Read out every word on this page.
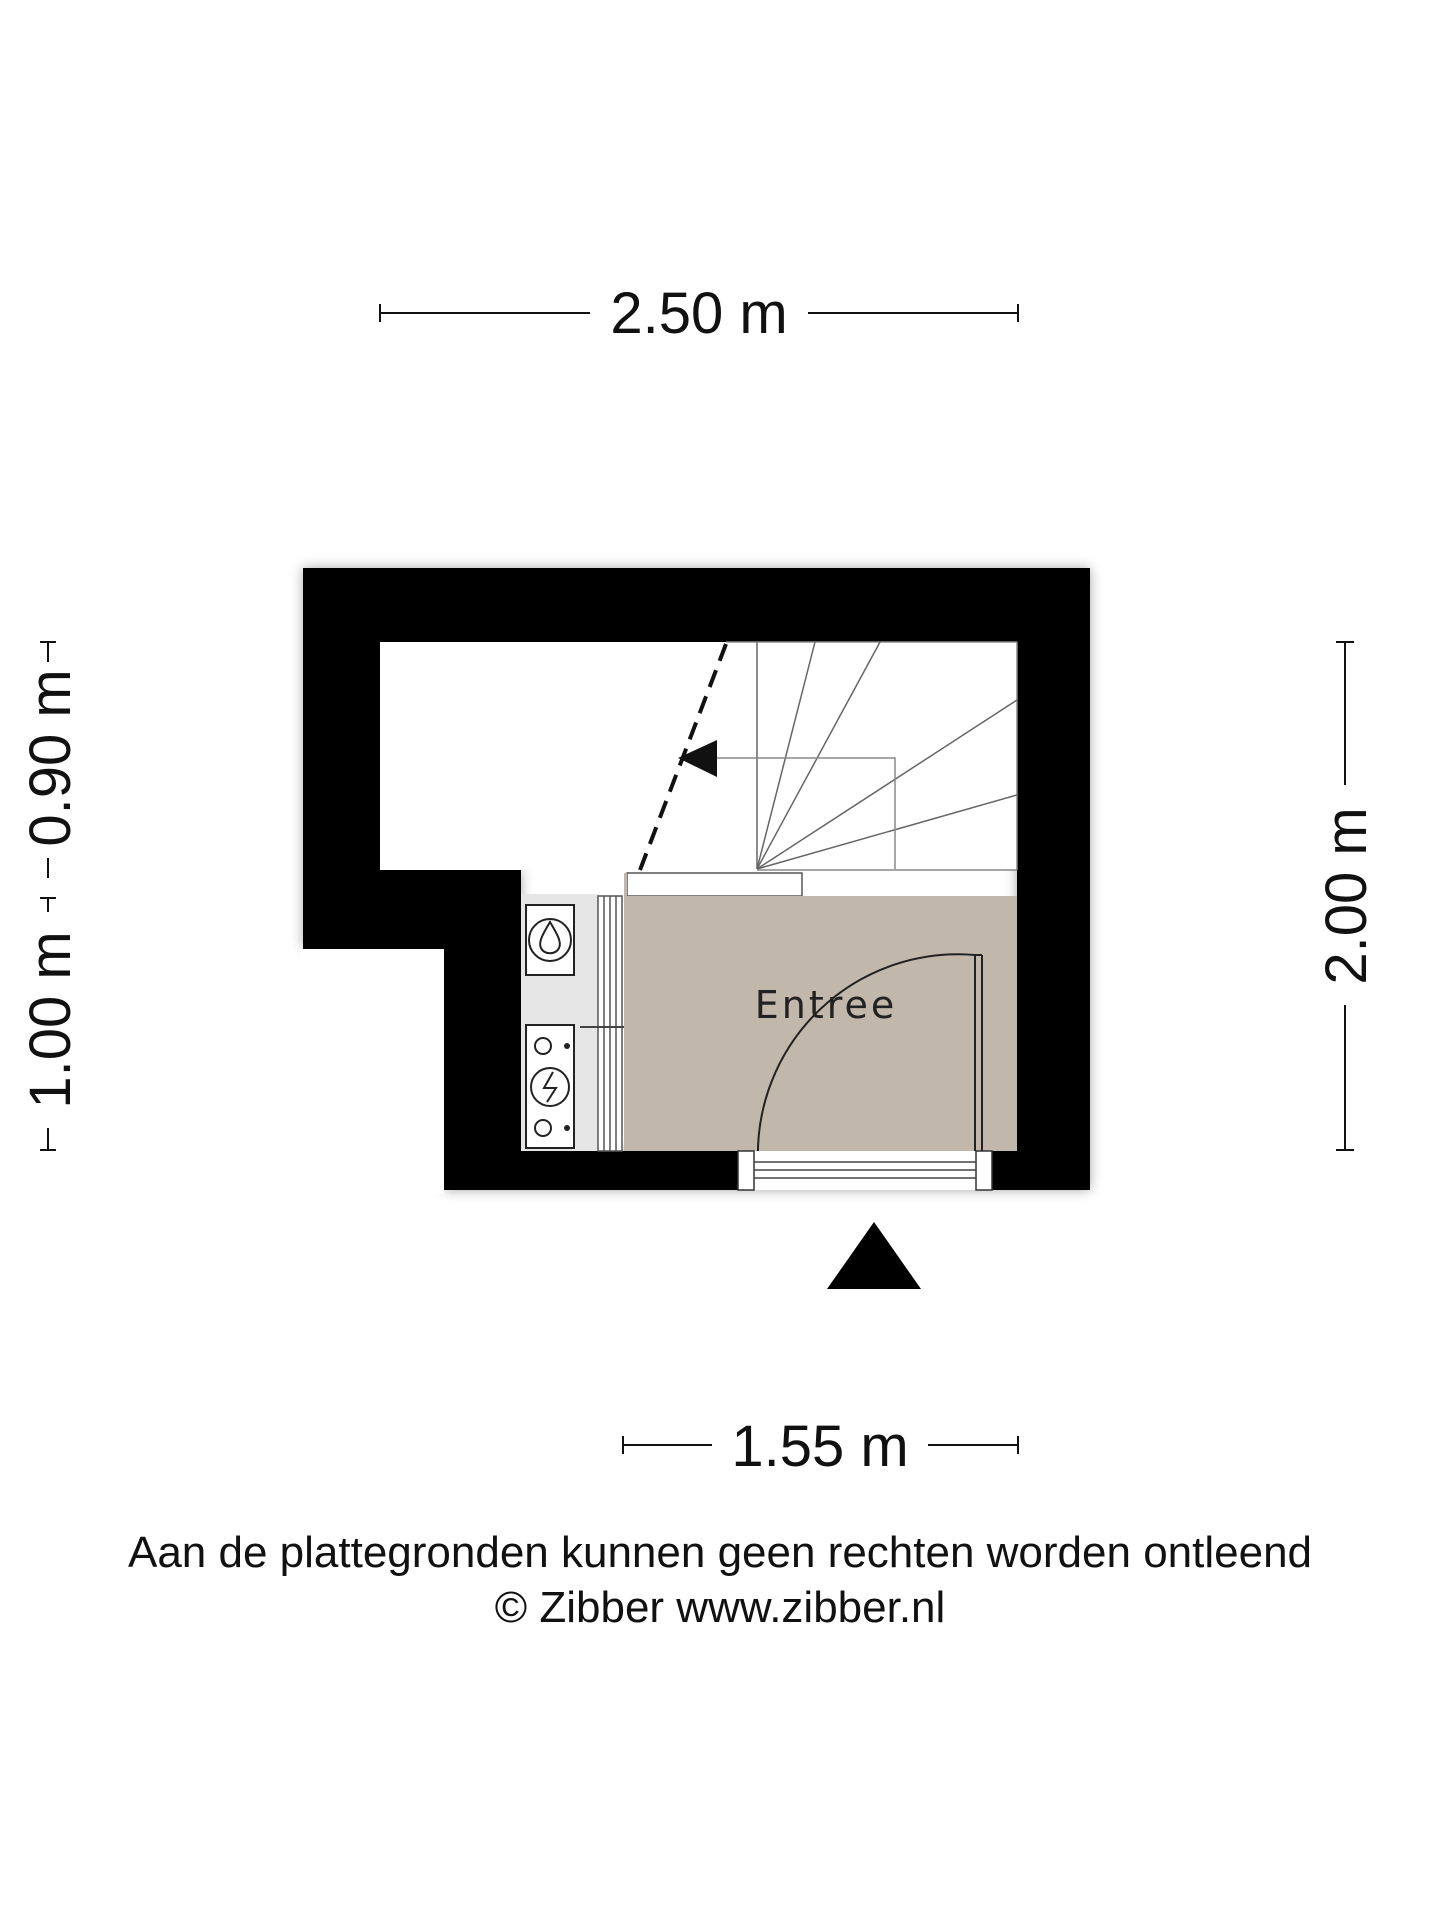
2.50 m
2.00 m
0.90 m
1.00 m	Entree
1.55 m
Aan de plattegronden kunnen geen rechten worden ontleend
© Zibber www.zibber.nl
